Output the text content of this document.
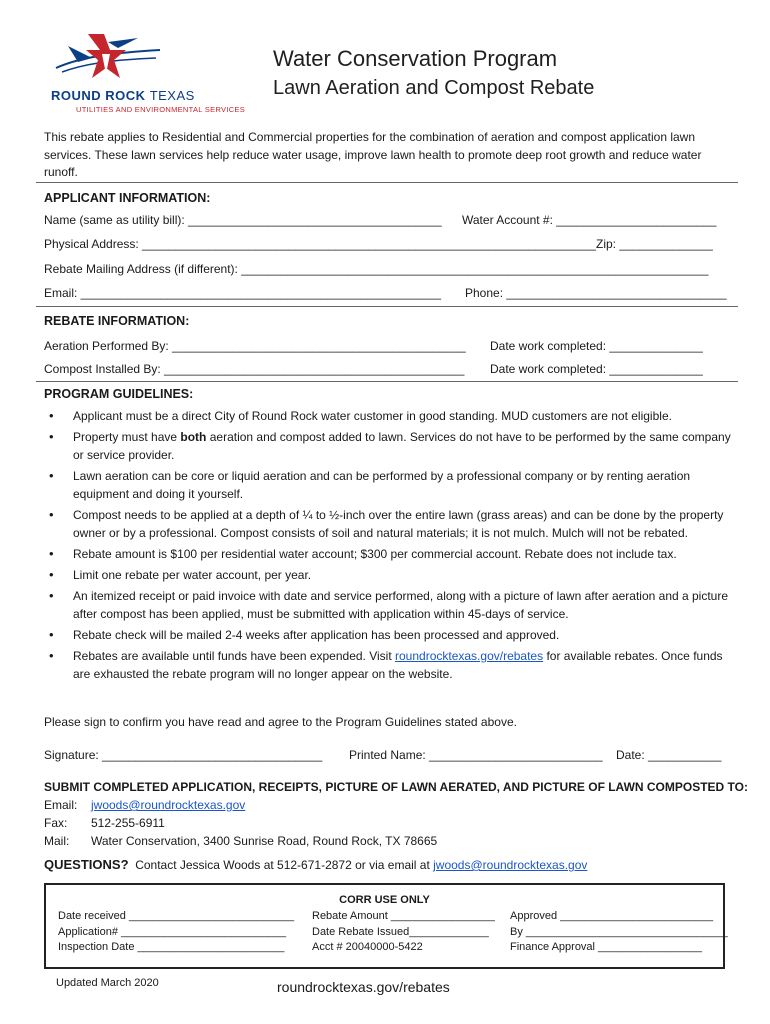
ROUND ROCK TEXAS
UTILITIES AND ENVIRONMENTAL SERVICES
Water Conservation Program
Lawn Aeration and Compost Rebate
This rebate applies to Residential and Commercial properties for the combination of aeration and compost application lawn services. These lawn services help reduce water usage, improve lawn health to promote deep root growth and reduce water runoff.
APPLICANT INFORMATION:
Name (same as utility bill): ______________________________________ Water Account #: ________________________
Physical Address: ____________________________________________________________________ Zip: ______________
Rebate Mailing Address (if different): ______________________________________________________________________
Email: ______________________________________________________ Phone: _________________________________
REBATE INFORMATION:
Aeration Performed By: ____________________________________________ Date work completed: ______________
Compost Installed By: _____________________________________________ Date work completed: ______________
PROGRAM GUIDELINES:
• Applicant must be a direct City of Round Rock water customer in good standing. MUD customers are not eligible.
• Property must have both aeration and compost added to lawn. Services do not have to be performed by the same company or service provider.
• Lawn aeration can be core or liquid aeration and can be performed by a professional company or by renting aeration equipment and doing it yourself.
• Compost needs to be applied at a depth of ¼ to ½-inch over the entire lawn (grass areas) and can be done by the property owner or by a professional. Compost consists of soil and natural materials; it is not mulch. Mulch will not be rebated.
• Rebate amount is $100 per residential water account; $300 per commercial account. Rebate does not include tax.
• Limit one rebate per water account, per year.
• An itemized receipt or paid invoice with date and service performed, along with a picture of lawn after aeration and a picture after compost has been applied, must be submitted with application within 45-days of service.
• Rebate check will be mailed 2-4 weeks after application has been processed and approved.
• Rebates are available until funds have been expended. Visit roundrocktexas.gov/rebates for available rebates. Once funds are exhausted the rebate program will no longer appear on the website.
Please sign to confirm you have read and agree to the Program Guidelines stated above.
Signature: _________________________________ Printed Name: __________________________ Date: ___________
SUBMIT COMPLETED APPLICATION, RECEIPTS, PICTURE OF LAWN AERATED, AND PICTURE OF LAWN COMPOSTED TO:
Email: jwoods@roundrocktexas.gov
Fax: 512-255-6911
Mail: Water Conservation, 3400 Sunrise Road, Round Rock, TX 78665
QUESTIONS? Contact Jessica Woods at 512-671-2872 or via email at jwoods@roundrocktexas.gov
CORR USE ONLY
Date received ___________________________
Application# ___________________________
Inspection Date ________________________
Rebate Amount _________________
Date Rebate Issued_____________
Acct # 20040000-5422
Approved _________________________
By _________________________________
Finance Approval _________________
Updated March 2020	roundrocktexas.gov/rebates
